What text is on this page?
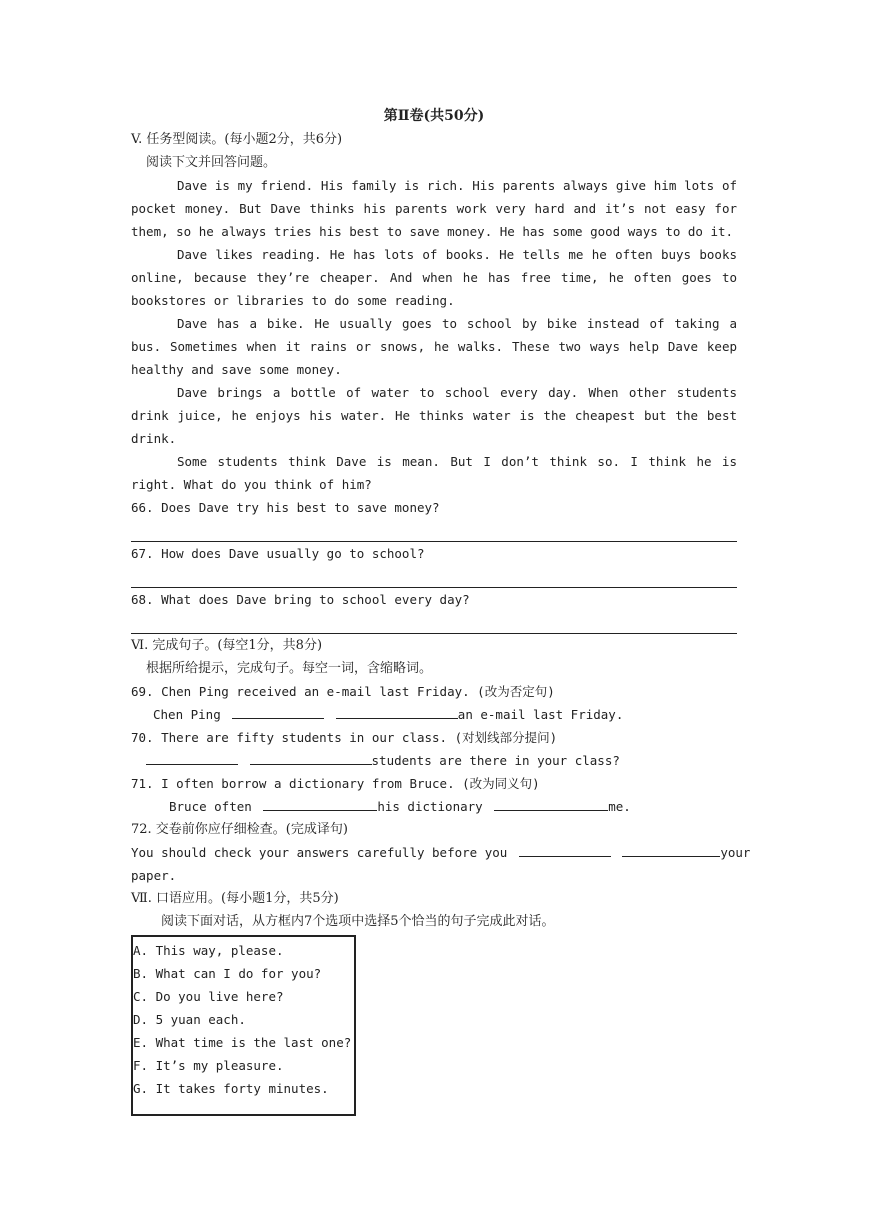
第Ⅱ卷(共50分)
V. 任务型阅读。(每小题2分，共6分)
阅读下文并回答问题。
Dave is my friend. His family is rich. His parents always give him lots of pocket money. But Dave thinks his parents work very hard and it’s not easy for them, so he always tries his best to save money. He has some good ways to do it.
Dave likes reading. He has lots of books. He tells me he often buys books online, because they’re cheaper. And when he has free time, he often goes to bookstores or libraries to do some reading.
Dave has a bike. He usually goes to school by bike instead of taking a bus. Sometimes when it rains or snows, he walks. These two ways help Dave keep healthy and save some money.
Dave brings a bottle of water to school every day. When other students drink juice, he enjoys his water. He thinks water is the cheapest but the best drink.
Some students think Dave is mean. But I don’t think so. I think he is right. What do you think of him?
66. Does Dave try his best to save money?
67. How does Dave usually go to school?
68. What does Dave bring to school every day?
Ⅵ. 完成句子。(每空1分，共8分)
根据所给提示，完成句子。每空一词，含缩略词。
69. Chen Ping received an e-mail last Friday. (改为否定句)
Chen Ping	an e-mail last Friday.
70. There are fifty students in our class. (对划线部分提问)
students are there in your class?
71. I often borrow a dictionary from Bruce. (改为同义句)
Bruce often	his dictionary	me.
72. 交卷前你应仔细检查。(完成译句)
You should check your answers carefully before you	your
paper.
Ⅶ. 口语应用。(每小题1分，共5分)
阅读下面对话，从方框内7个选项中选择5个恰当的句子完成此对话。
A. This way, please.
B. What can I do for you?
C. Do you live here?
D. 5 yuan each.
E. What time is the last one?
F. It’s my pleasure.
G. It takes forty minutes.
